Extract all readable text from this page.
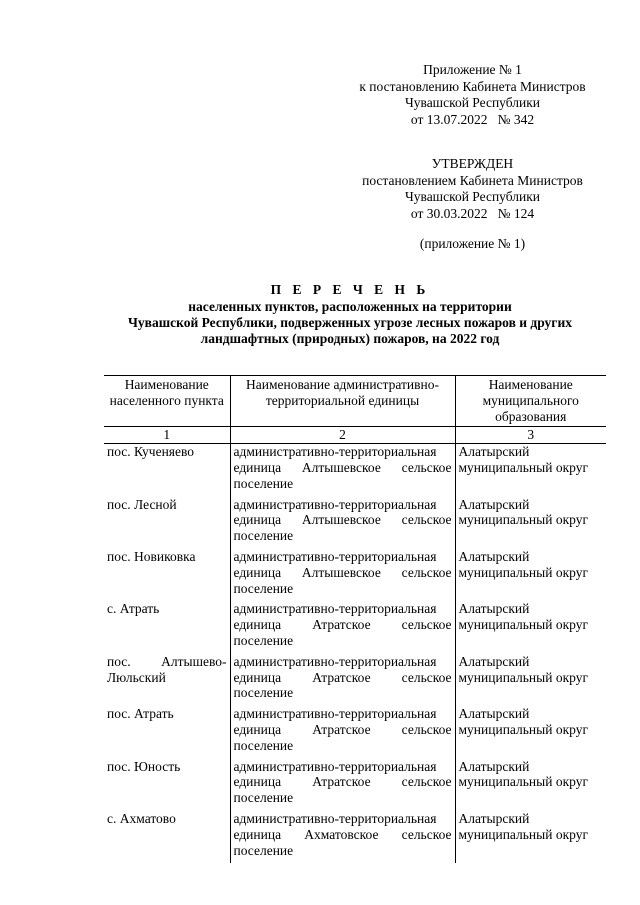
Приложение № 1
к постановлению Кабинета Министров
Чувашской Республики
от 13.07.2022   № 342
УТВЕРЖДЕН
постановлением Кабинета Министров
Чувашской Республики
от 30.03.2022   № 124
(приложение № 1)
П Е Р Е Ч Е Н Ь
населенных пунктов, расположенных на территории
Чувашской Республики, подверженных угрозе лесных пожаров и других
ландшафтных (природных) пожаров, на 2022 год
Наименование населенного пункта	Наименование административно-территориальной единицы	Наименование муниципального образования
1	2	3
пос. Кученяево	административно-территориальная единица Алтышевское сельское поселение	Алатырский муниципальный округ
пос. Лесной	административно-территориальная единица Алтышевское сельское поселение	Алатырский муниципальный округ
пос. Новиковка	административно-территориальная единица Алтышевское сельское поселение	Алатырский муниципальный округ
с. Атрать	административно-территориальная единица Атратское сельское поселение	Алатырский муниципальный округ
пос. Алтышево-Люльский	административно-территориальная единица Атратское сельское поселение	Алатырский муниципальный округ
пос. Атрать	административно-территориальная единица Атратское сельское поселение	Алатырский муниципальный округ
пос. Юность	административно-территориальная единица Атратское сельское поселение	Алатырский муниципальный округ
с. Ахматово	административно-территориальная единица Ахматовское сельское поселение	Алатырский муниципальный округ
